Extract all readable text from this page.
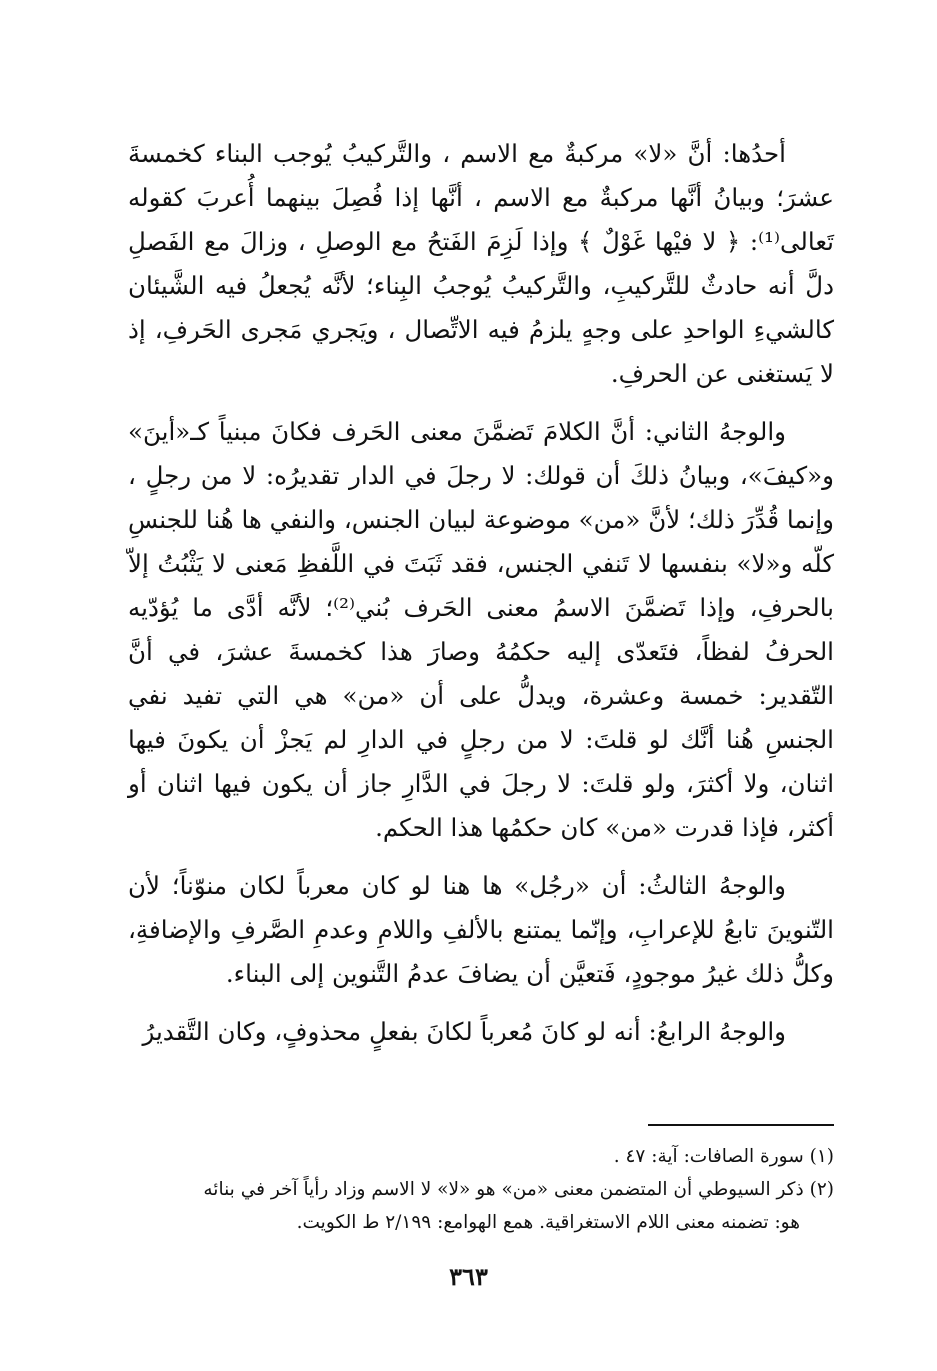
أحدُها: أنَّ «لا» مركبةٌ مع الاسم ، والتَّركيبُ يُوجب البناء كخمسةَ عشرَ؛ وبيانُ أنَّها مركبةٌ مع الاسم ، أنَّها إذا فُصِلَ بينهما أُعربَ كقوله تَعالى⁽¹⁾: ﴿ لا فيْها غَوْلٌ ﴾ وإذا لَزِمَ الفَتحُ مع الوصلِ ، وزالَ مع الفَصلِ دلَّ أنه حادثٌ للتَّركيبِ، والتَّركيبُ يُوجبُ البِناء؛ لأنَّه يُجعلُ فيه الشَّيئان كالشيءِ الواحدِ على وجهٍ يلزمُ فيه الاتِّصال ، ويَجري مَجرى الحَرفِ، إذ لا يَستغنى عن الحرفِ.

والوجهُ الثاني: أنَّ الكلامَ تَضمَّنَ معنى الحَرف فكانَ مبنياً كـ«أينَ» و«كيفَ»، وبيانُ ذلكَ أن قولك: لا رجلَ في الدار تقديرُه: لا من رجلٍ ، وإنما قُدِّرَ ذلك؛ لأنَّ «من» موضوعة لبيان الجنس، والنفي ها هُنا للجنسِ كلّه و«لا» بنفسها لا تَنفي الجنس، فقد ثَبَتَ في اللَّفظِ مَعنى لا يَثْبُتُ إلاّ بالحرفِ، وإذا تَضمَّنَ الاسمُ معنى الحَرف بُني⁽²⁾؛ لأنَّه أدَّى ما يُؤدّيه الحرفُ لفظاً، فتَعدّى إليه حكمُهُ وصارَ هذا كخمسةَ عشرَ، في أنَّ التّقدير: خمسة وعشرة، ويدلُّ على أن «من» هي التي تفيد نفي الجنسِ هُنا أنَّك لو قلتَ: لا من رجلٍ في الدارِ لم يَجزْ أن يكونَ فيها اثنان، ولا أكثرَ، ولو قلتَ: لا رجلَ في الدَّارِ جاز أن يكون فيها اثنان أو أكثر، فإذا قدرت «من» كان حكمُها هذا الحكم.

والوجهُ الثالثُ: أن «رجُل» ها هنا لو كان معرباً لكان منوّناً؛ لأن التّنوينَ تابعُ للإعرابِ، وإنّما يمتنع بالألفِ واللامِ وعدمِ الصَّرفِ والإضافةِ، وكلُّ ذلك غيرُ موجودٍ، فَتعيَّن أن يضافَ عدمُ التَّنوين إلى البناء.

والوجهُ الرابعُ: أنه لو كانَ مُعرباً لكانَ بفعلٍ محذوفٍ، وكان التَّقديرُ

(١) سورة الصافات: آية: ٤٧ .

(٢) ذكر السيوطي أن المتضمن معنى «من» هو «لا» لا الاسم وزاد رأياً آخر في بنائه
هو: تضمنه معنى اللام الاستغراقية. همع الهوامع: ٢/١٩٩ ط الكويت.

٣٦٣
